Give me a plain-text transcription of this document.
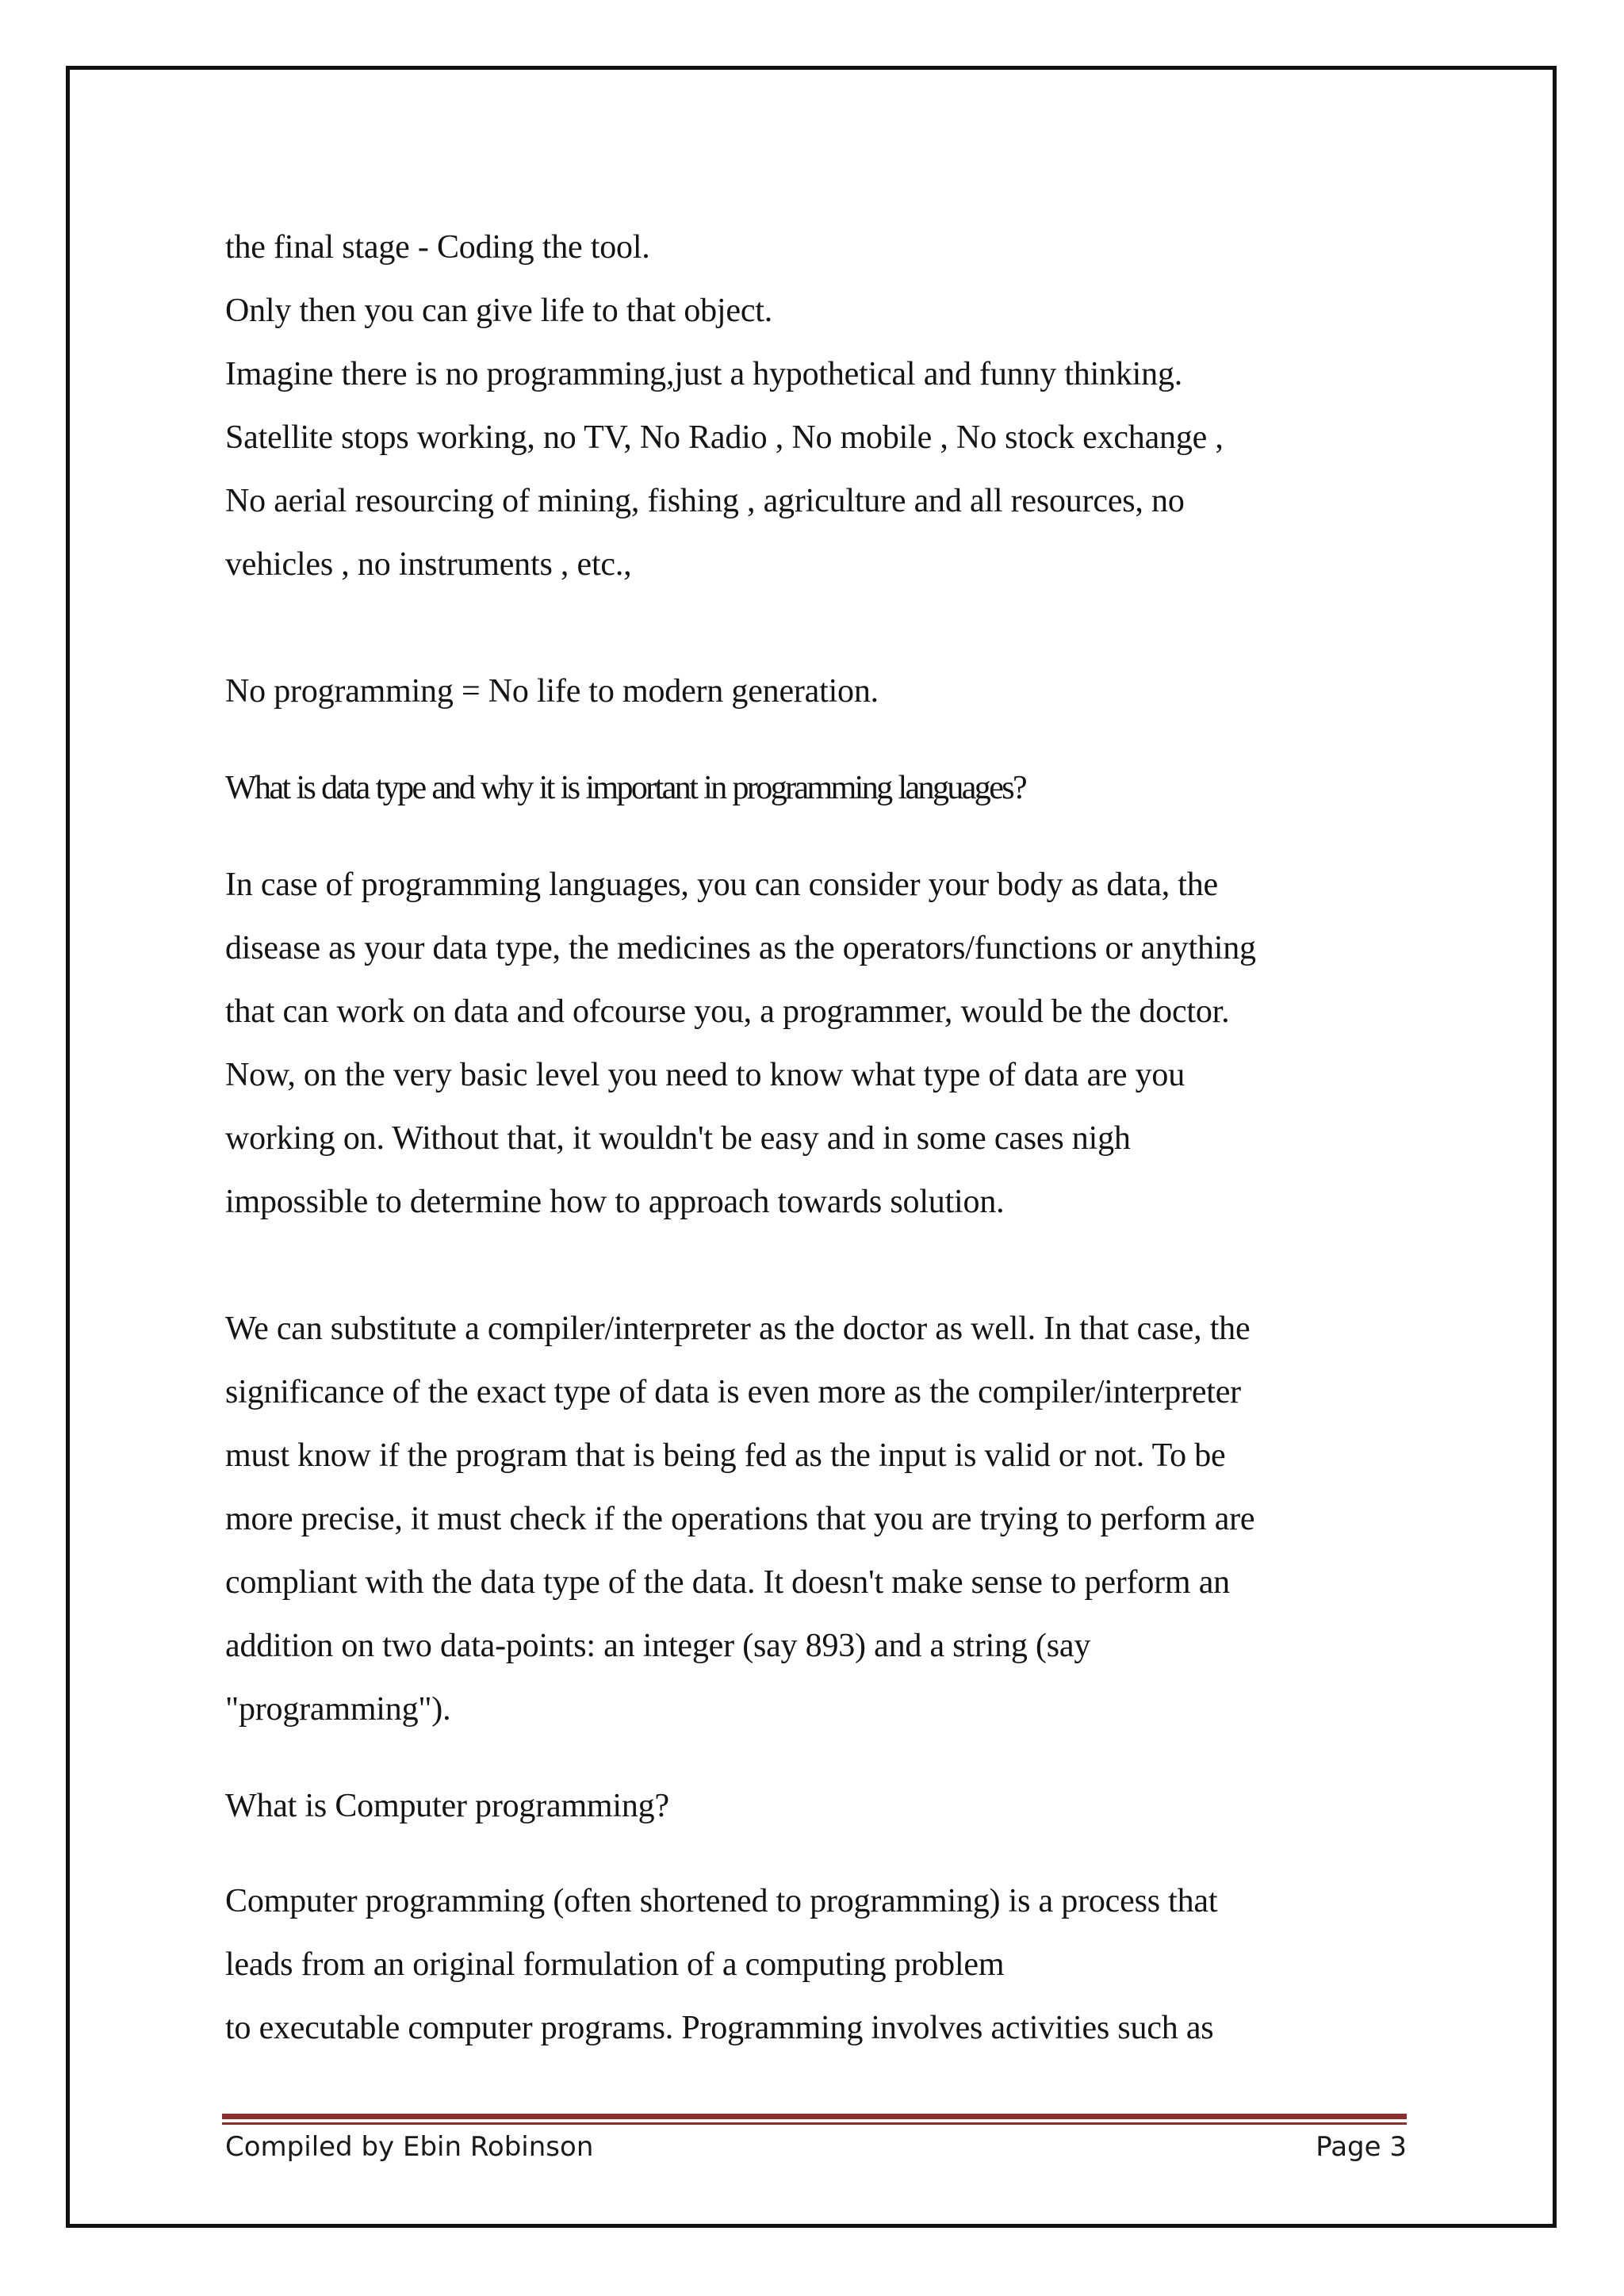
the final stage - Coding the tool.
Only then you can give life to that object.
Imagine there is no programming,just a hypothetical and funny thinking.
Satellite stops working, no TV, No Radio , No mobile , No stock exchange ,
No aerial resourcing of mining, fishing , agriculture and all resources, no
vehicles , no instruments , etc.,
No programming = No life to modern generation.
What is data type and why it is important in programming languages?
In case of programming languages, you can consider your body as data, the
disease as your data type, the medicines as the operators/functions or anything
that can work on data and ofcourse you, a programmer, would be the doctor.
Now, on the very basic level you need to know what type of data are you
working on. Without that, it wouldn't be easy and in some cases nigh
impossible to determine how to approach towards solution.
We can substitute a compiler/interpreter as the doctor as well. In that case, the
significance of the exact type of data is even more as the compiler/interpreter
must know if the program that is being fed as the input is valid or not. To be
more precise, it must check if the operations that you are trying to perform are
compliant with the data type of the data. It doesn't make sense to perform an
addition on two data-points: an integer (say 893) and a string (say
"programming").
What is Computer programming?
Computer programming (often shortened to programming) is a process that
leads from an original formulation of a computing problem
to executable computer programs. Programming involves activities such as
Compiled by Ebin Robinson	Page 3
